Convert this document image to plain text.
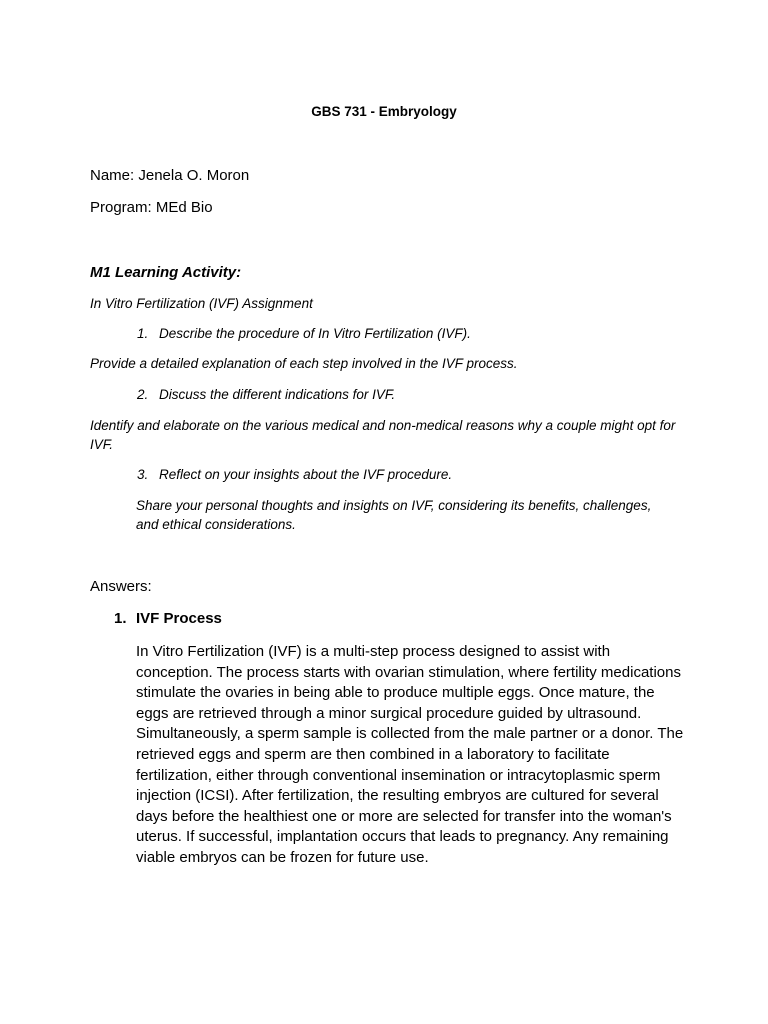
GBS 731 - Embryology

Name: Jenela O. Moron

Program: MEd Bio

M1 Learning Activity:

In Vitro Fertilization (IVF) Assignment

1. Describe the procedure of In Vitro Fertilization (IVF).

Provide a detailed explanation of each step involved in the IVF process.

2. Discuss the different indications for IVF.

Identify and elaborate on the various medical and non-medical reasons why a couple might opt for IVF.

3. Reflect on your insights about the IVF procedure.

Share your personal thoughts and insights on IVF, considering its benefits, challenges, and ethical considerations.

Answers:

1. IVF Process

In Vitro Fertilization (IVF) is a multi-step process designed to assist with conception. The process starts with ovarian stimulation, where fertility medications stimulate the ovaries in being able to produce multiple eggs. Once mature, the eggs are retrieved through a minor surgical procedure guided by ultrasound. Simultaneously, a sperm sample is collected from the male partner or a donor. The retrieved eggs and sperm are then combined in a laboratory to facilitate fertilization, either through conventional insemination or intracytoplasmic sperm injection (ICSI). After fertilization, the resulting embryos are cultured for several days before the healthiest one or more are selected for transfer into the woman's uterus. If successful, implantation occurs that leads to pregnancy. Any remaining viable embryos can be frozen for future use.
